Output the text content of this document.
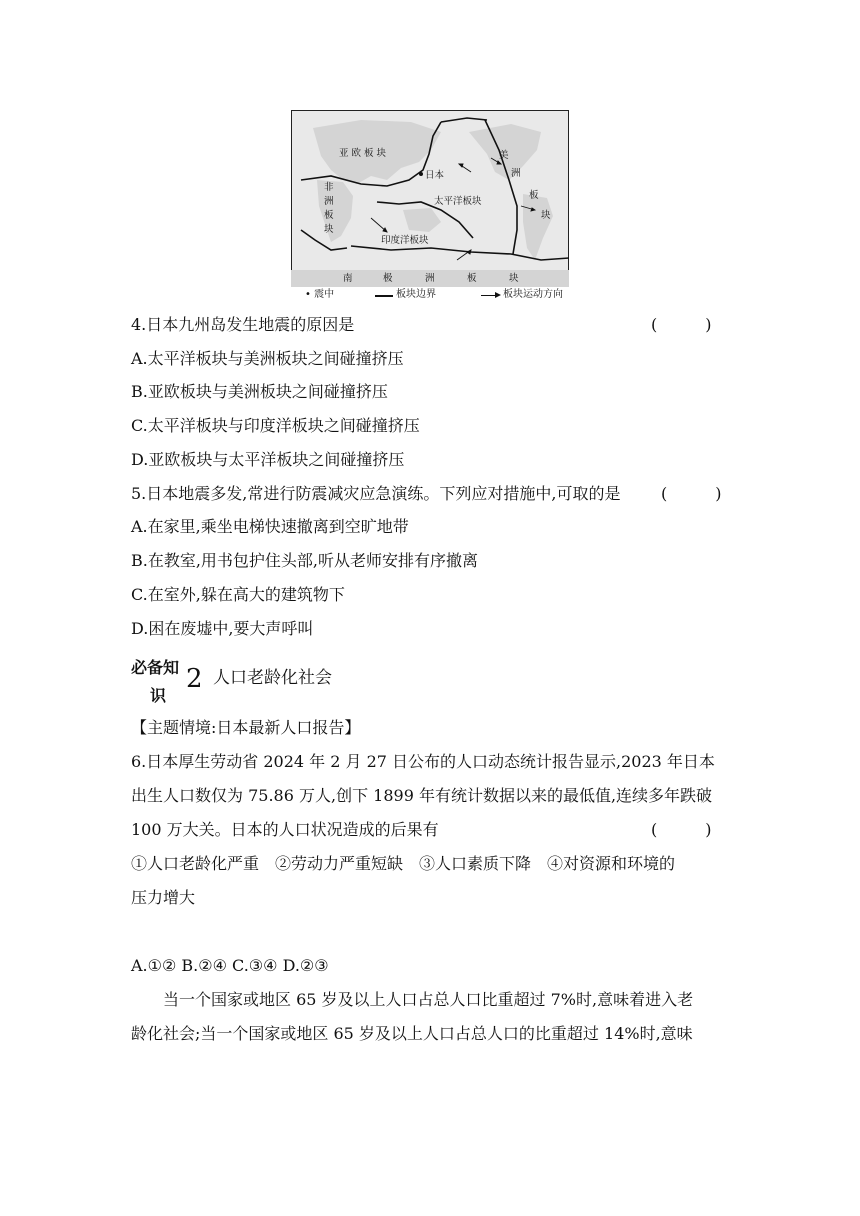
亚 欧 板 块	美
洲
板
块
非
洲
板
块
日本
太平洋板块
印度洋板块
南	极	洲	板	块
• 震中	板块边界	板块运动方向
4.日本九州岛发生地震的原因是	(　　　)
A.太平洋板块与美洲板块之间碰撞挤压
B.亚欧板块与美洲板块之间碰撞挤压
C.太平洋板块与印度洋板块之间碰撞挤压
D.亚欧板块与太平洋板块之间碰撞挤压
5.日本地震多发,常进行防震减灾应急演练。下列应对措施中,可取的是	(　　　)
A.在家里,乘坐电梯快速撤离到空旷地带
B.在教室,用书包护住头部,听从老师安排有序撤离
C.在室外,躲在高大的建筑物下
D.困在废墟中,要大声呼叫
必备知
识
2 人口老龄化社会
【主题情境:日本最新人口报告】
6.日本厚生劳动省 2024 年 2 月 27 日公布的人口动态统计报告显示,2023 年日本
出生人口数仅为 75.86 万人,创下 1899 年有统计数据以来的最低值,连续多年跌破
100 万大关。日本的人口状况造成的后果有	(　　　)
①人口老龄化严重　②劳动力严重短缺　③人口素质下降　④对资源和环境的
压力增大
A.①② B.②④ C.③④ D.②③
当一个国家或地区 65 岁及以上人口占总人口比重超过 7%时,意味着进入老
龄化社会;当一个国家或地区 65 岁及以上人口占总人口的比重超过 14%时,意味
